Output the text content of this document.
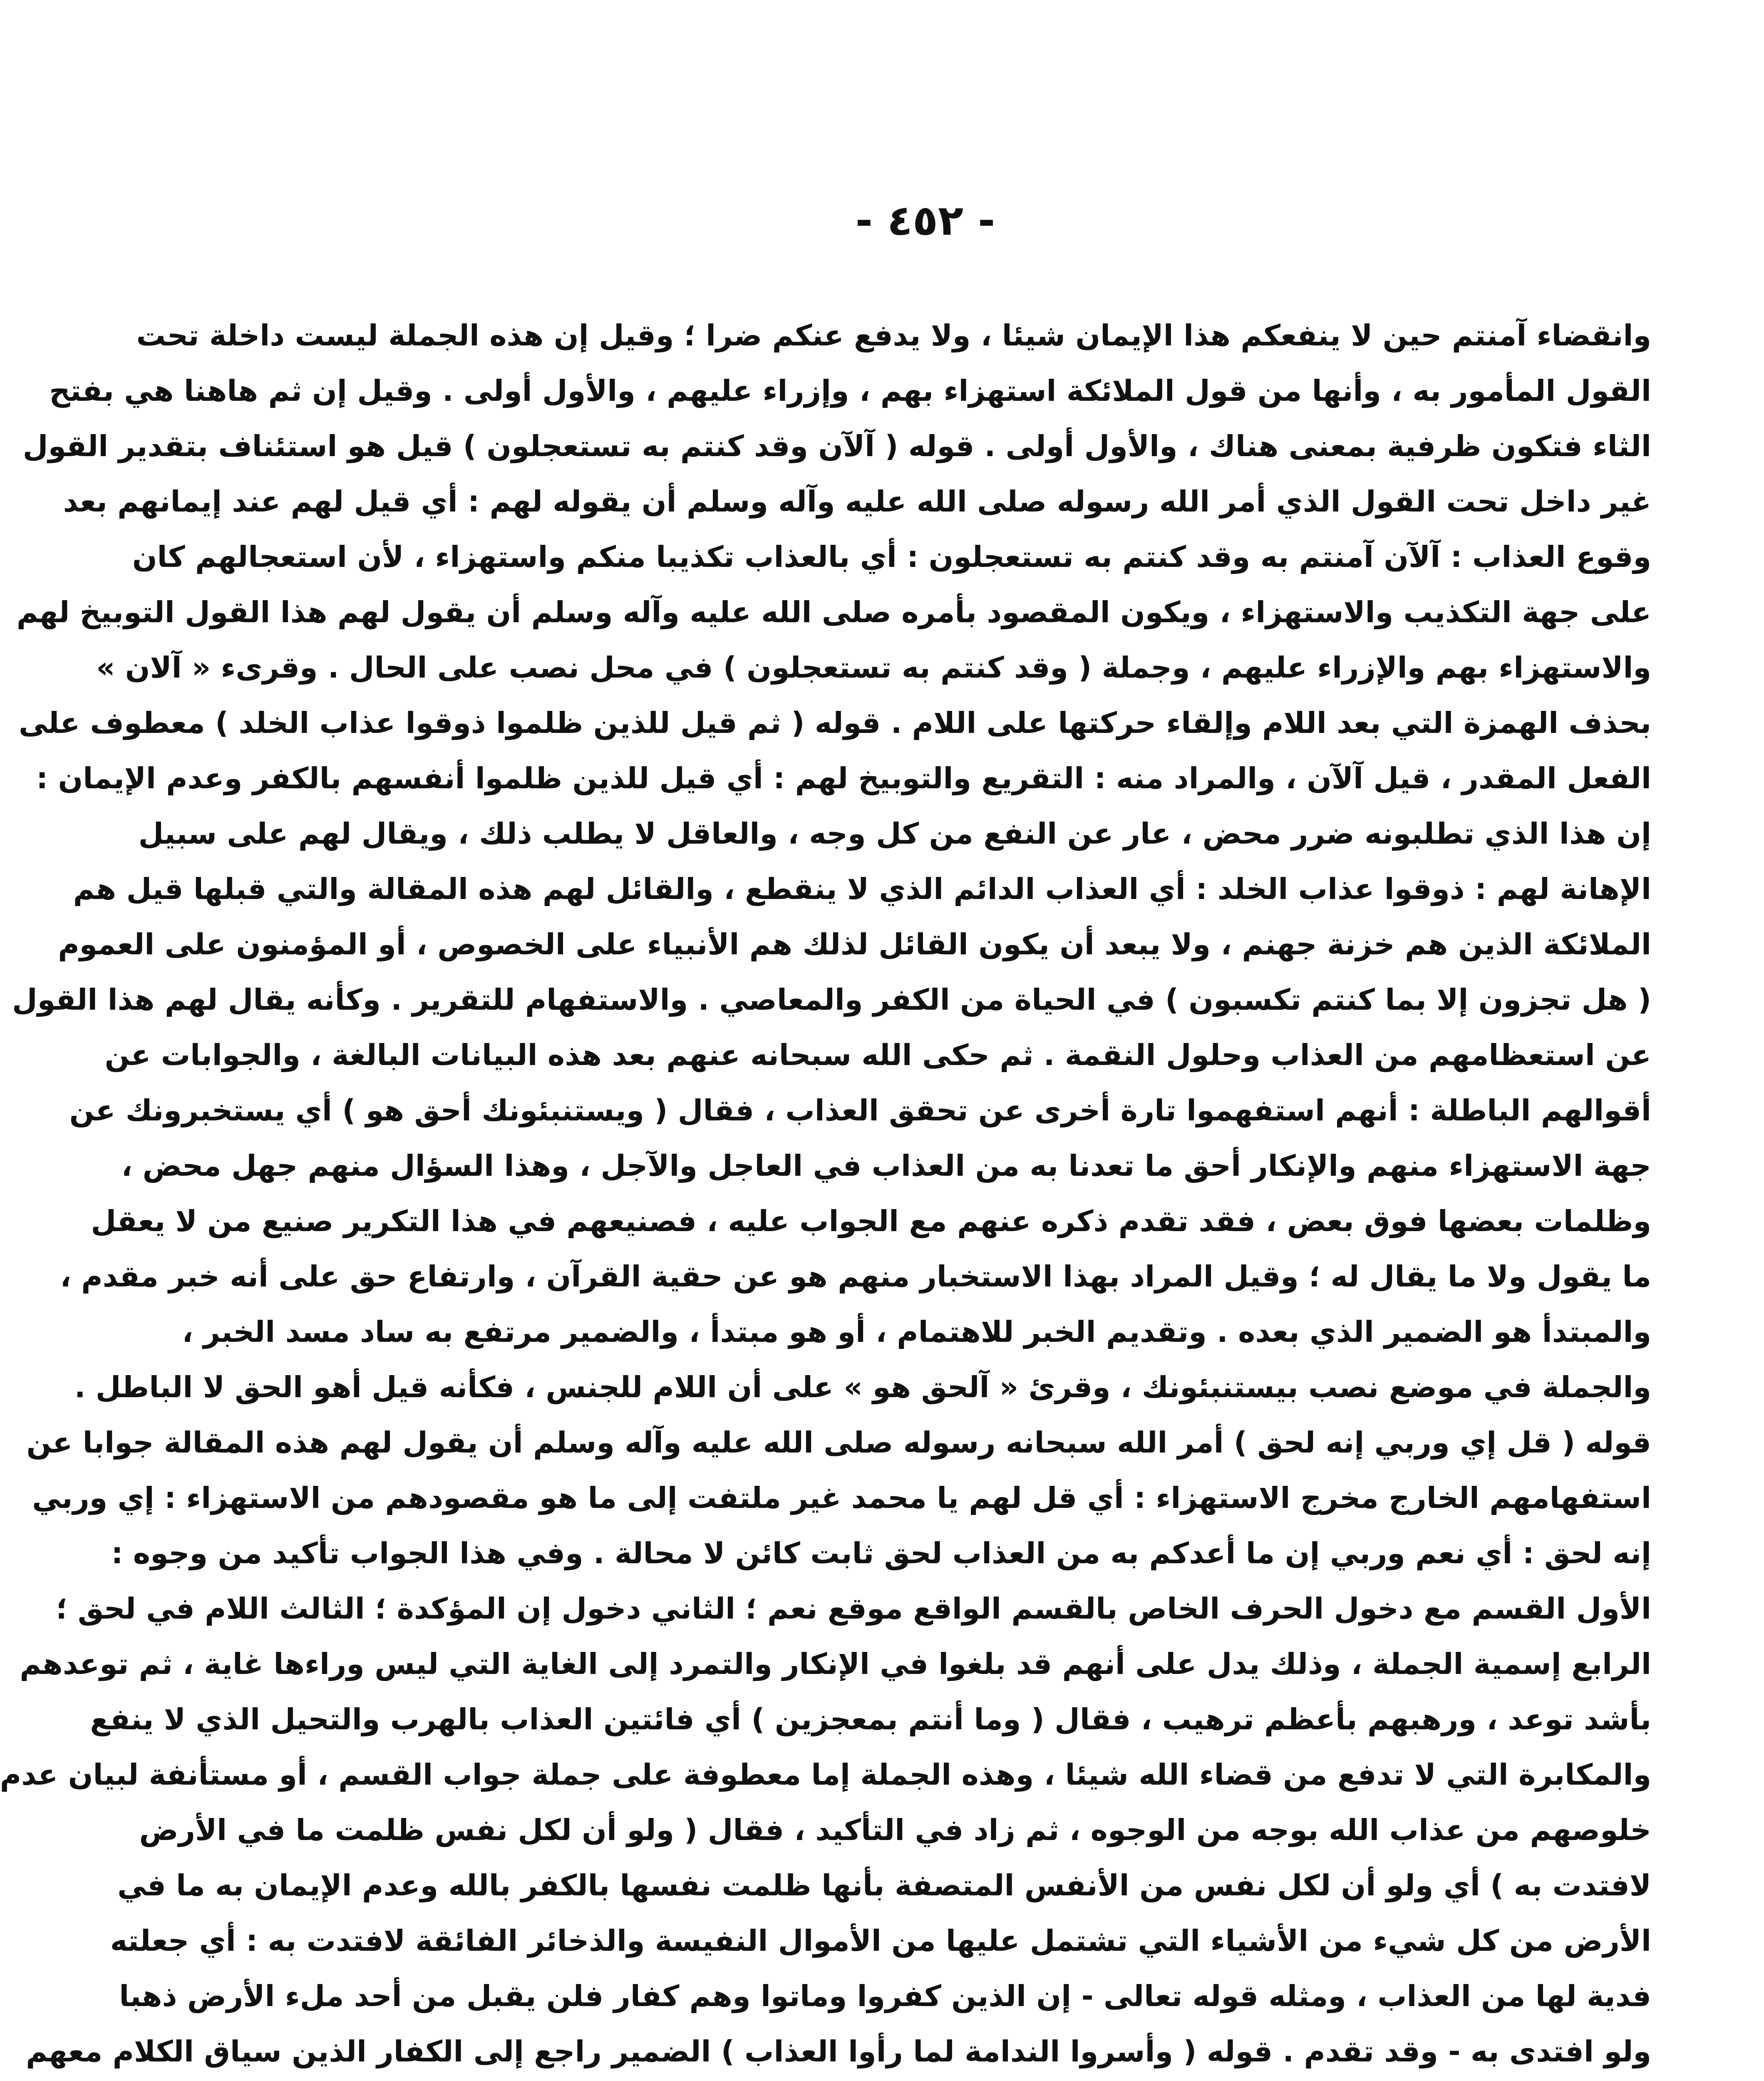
- ٤٥٢ -
وانقضاء آمنتم حين لا ينفعكم هذا الإيمان شيئا ، ولا يدفع عنكم ضرا ؛ وقيل إن هذه الجملة ليست داخلة تحت
القول المأمور به ، وأنها من قول الملائكة استهزاء بهم ، وإزراء عليهم ، والأول أولى . وقيل إن ثم هاهنا هي بفتح
الثاء فتكون ظرفية بمعنى هناك ، والأول أولى . قوله ( آلآن وقد كنتم به تستعجلون ) قيل هو استئناف بتقدير القول
غير داخل تحت القول الذي أمر الله رسوله صلى الله عليه وآله وسلم أن يقوله لهم : أي قيل لهم عند إيمانهم بعد
وقوع العذاب : آلآن آمنتم به وقد كنتم به تستعجلون : أي بالعذاب تكذيبا منكم واستهزاء ، لأن استعجالهم كان
على جهة التكذيب والاستهزاء ، ويكون المقصود بأمره صلى الله عليه وآله وسلم أن يقول لهم هذا القول التوبيخ لهم
والاستهزاء بهم والإزراء عليهم ، وجملة ( وقد كنتم به تستعجلون ) في محل نصب على الحال . وقرىء « آلان »
بحذف الهمزة التي بعد اللام وإلقاء حركتها على اللام . قوله ( ثم قيل للذين ظلموا ذوقوا عذاب الخلد ) معطوف على
الفعل المقدر ، قيل آلآن ، والمراد منه : التقريع والتوبيخ لهم : أي قيل للذين ظلموا أنفسهم بالكفر وعدم الإيمان :
إن هذا الذي تطلبونه ضرر محض ، عار عن النفع من كل وجه ، والعاقل لا يطلب ذلك ، ويقال لهم على سبيل
الإهانة لهم : ذوقوا عذاب الخلد : أي العذاب الدائم الذي لا ينقطع ، والقائل لهم هذه المقالة والتي قبلها قيل هم
الملائكة الذين هم خزنة جهنم ، ولا يبعد أن يكون القائل لذلك هم الأنبياء على الخصوص ، أو المؤمنون على العموم
( هل تجزون إلا بما كنتم تكسبون ) في الحياة من الكفر والمعاصي . والاستفهام للتقرير . وكأنه يقال لهم هذا القول
عن استعظامهم من العذاب وحلول النقمة . ثم حكى الله سبحانه عنهم بعد هذه البيانات البالغة ، والجوابات عن
أقوالهم الباطلة : أنهم استفهموا تارة أخرى عن تحقق العذاب ، فقال ( ويستنبئونك أحق هو ) أي يستخبرونك عن
جهة الاستهزاء منهم والإنكار أحق ما تعدنا به من العذاب في العاجل والآجل ، وهذا السؤال منهم جهل محض ،
وظلمات بعضها فوق بعض ، فقد تقدم ذكره عنهم مع الجواب عليه ، فصنيعهم في هذا التكرير صنيع من لا يعقل
ما يقول ولا ما يقال له ؛ وقيل المراد بهذا الاستخبار منهم هو عن حقية القرآن ، وارتفاع حق على أنه خبر مقدم ،
والمبتدأ هو الضمير الذي بعده . وتقديم الخبر للاهتمام ، أو هو مبتدأ ، والضمير مرتفع به ساد مسد الخبر ،
والجملة في موضع نصب بيستنبئونك ، وقرئ « آلحق هو » على أن اللام للجنس ، فكأنه قيل أهو الحق لا الباطل .
قوله ( قل إي وربي إنه لحق ) أمر الله سبحانه رسوله صلى الله عليه وآله وسلم أن يقول لهم هذه المقالة جوابا عن
استفهامهم الخارج مخرج الاستهزاء : أي قل لهم يا محمد غير ملتفت إلى ما هو مقصودهم من الاستهزاء : إي وربي
إنه لحق : أي نعم وربي إن ما أعدكم به من العذاب لحق ثابت كائن لا محالة . وفي هذا الجواب تأكيد من وجوه :
الأول القسم مع دخول الحرف الخاص بالقسم الواقع موقع نعم ؛ الثاني دخول إن المؤكدة ؛ الثالث اللام في لحق ؛
الرابع إسمية الجملة ، وذلك يدل على أنهم قد بلغوا في الإنكار والتمرد إلى الغاية التي ليس وراءها غاية ، ثم توعدهم
بأشد توعد ، ورهبهم بأعظم ترهيب ، فقال ( وما أنتم بمعجزين ) أي فائتين العذاب بالهرب والتحيل الذي لا ينفع
والمكابرة التي لا تدفع من قضاء الله شيئا ، وهذه الجملة إما معطوفة على جملة جواب القسم ، أو مستأنفة لبيان عدم
خلوصهم من عذاب الله بوجه من الوجوه ، ثم زاد في التأكيد ، فقال ( ولو أن لكل نفس ظلمت ما في الأرض
لافتدت به ) أي ولو أن لكل نفس من الأنفس المتصفة بأنها ظلمت نفسها بالكفر بالله وعدم الإيمان به ما في
الأرض من كل شيء من الأشياء التي تشتمل عليها من الأموال النفيسة والذخائر الفائقة لافتدت به : أي جعلته
فدية لها من العذاب ، ومثله قوله تعالى - إن الذين كفروا وماتوا وهم كفار فلن يقبل من أحد ملء الأرض ذهبا
ولو افتدى به - وقد تقدم . قوله ( وأسروا الندامة لما رأوا العذاب ) الضمير راجع إلى الكفار الذين سياق الكلام معهم
